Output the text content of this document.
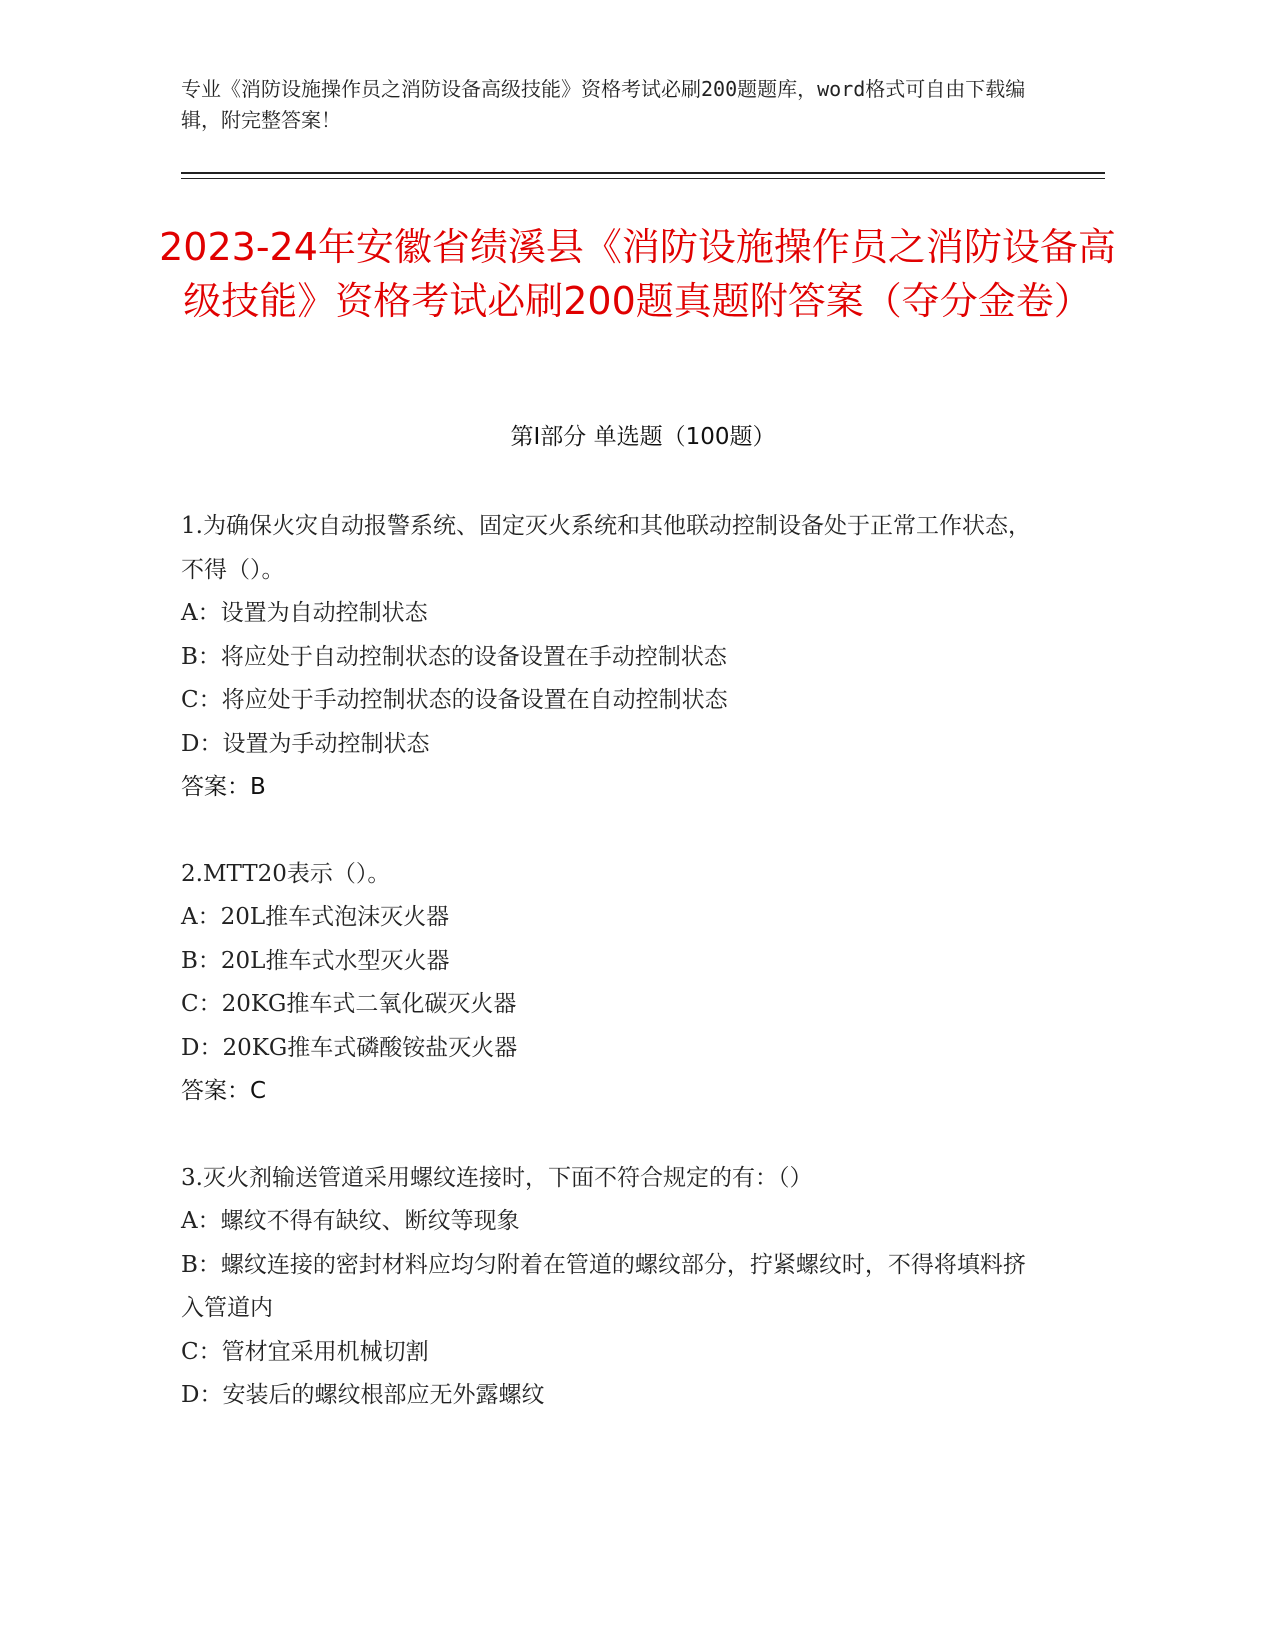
专业《消防设施操作员之消防设备高级技能》资格考试必刷200题题库，word格式可自由下载编辑，附完整答案！
2023-24年安徽省绩溪县《消防设施操作员之消防设备高级技能》资格考试必刷200题真题附答案（夺分金卷）
第I部分 单选题（100题）

1.为确保火灾自动报警系统、固定灭火系统和其他联动控制设备处于正常工作状态，不得（）。

A：设置为自动控制状态

B：将应处于自动控制状态的设备设置在手动控制状态

C：将应处于手动控制状态的设备设置在自动控制状态

D：设置为手动控制状态

答案：B

2.MTT20表示（）。

A：20L推车式泡沫灭火器

B：20L推车式水型灭火器

C：20KG推车式二氧化碳灭火器

D：20KG推车式磷酸铵盐灭火器

答案：C

3.灭火剂输送管道采用螺纹连接时，下面不符合规定的有：（）

A：螺纹不得有缺纹、断纹等现象

B：螺纹连接的密封材料应均匀附着在管道的螺纹部分，拧紧螺纹时，不得将填料挤入管道内

C：管材宜采用机械切割

D：安装后的螺纹根部应无外露螺纹
